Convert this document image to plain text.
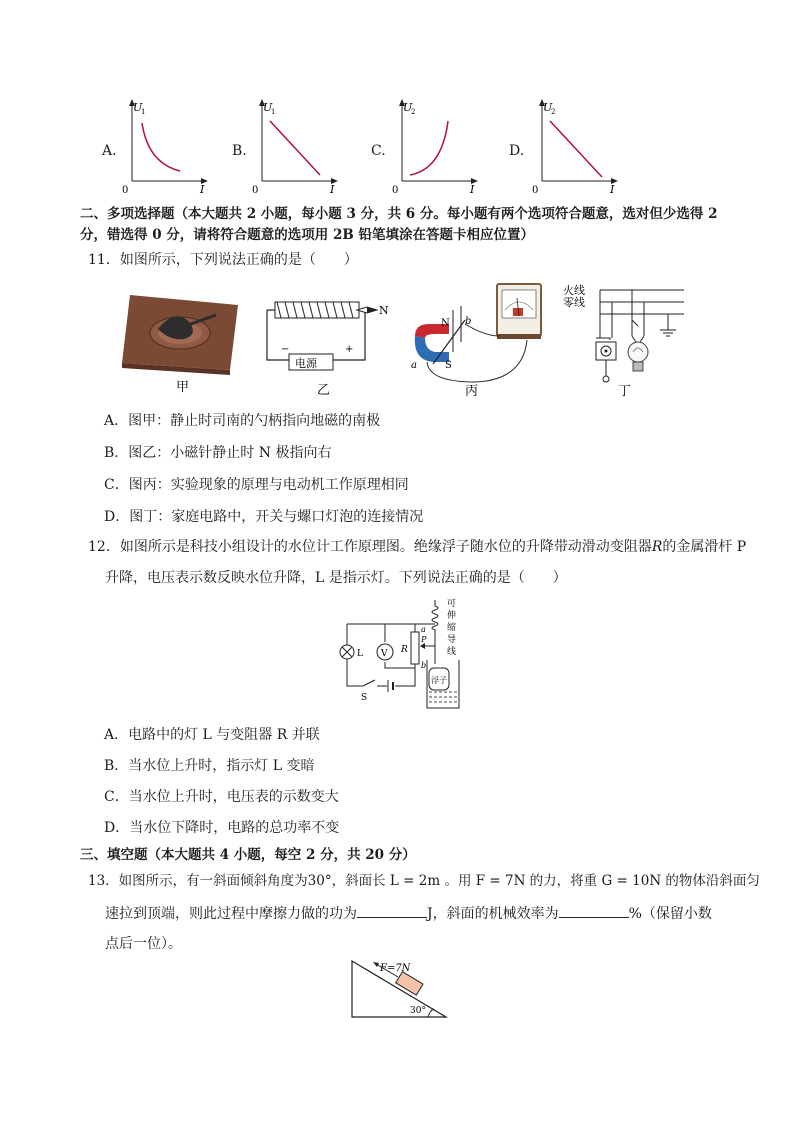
A.
U
1
I
0
B.
U
1
I
0
C.
U
2
I
0
D.
U
2
I
0
二、多项选择题（本大题共 2 小题，每小题 3 分，共 6 分。每小题有两个选项符合题意，选对但少选得 2
分，错选得 0 分，请将符合题意的选项用 2B 铅笔填涂在答题卡相应位置）
11．如图所示，下列说法正确的是（　　）
甲
电源
−	+
N
乙
N
S
a
b
丙
火线
零线
丁
A．图甲：静止时司南的勺柄指向地磁的南极
B．图乙：小磁针静止时 N 极指向右
C．图丙：实验现象的原理与电动机工作原理相同
D．图丁：家庭电路中，开关与螺口灯泡的连接情况
12．如图所示是科技小组设计的水位计工作原理图。绝缘浮子随水位的升降带动滑动变阻器R的金属滑杆 P
升降，电压表示数反映水位升降，L 是指示灯。下列说法正确的是（　　）
L V R
P
a
b
可
伸
缩
导
线
浮子
S
A．电路中的灯 L 与变阻器 R 并联
B．当水位上升时，指示灯 L 变暗
C．当水位上升时，电压表的示数变大
D．当水位下降时，电路的总功率不变
三、填空题（本大题共 4 小题，每空 2 分，共 20 分）
13．如图所示，有一斜面倾斜角度为30°，斜面长 L = 2m 。用 F = 7N 的力，将重 G = 10N 的物体沿斜面匀
速拉到顶端，则此过程中摩擦力做的功为	J，斜面的机械效率为	%（保留小数
点后一位）。
F=7N
30°
